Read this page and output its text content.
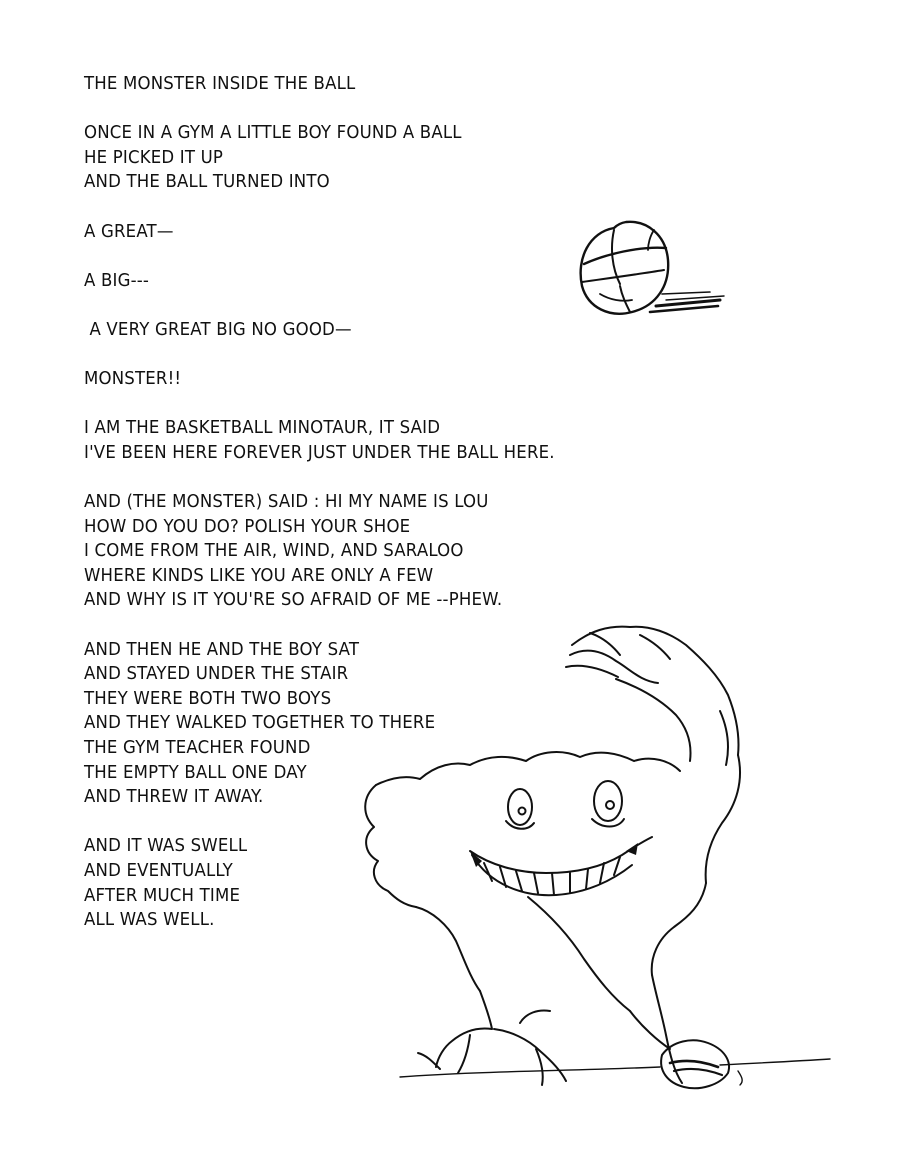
THE MONSTER INSIDE THE BALL
ONCE IN A GYM A LITTLE BOY FOUND A BALL
HE PICKED IT UP
AND THE BALL TURNED INTO
A GREAT—
A BIG---
A VERY GREAT BIG NO GOOD—
MONSTER!!
I AM THE BASKETBALL MINOTAUR, IT SAID
I'VE BEEN HERE FOREVER JUST UNDER THE BALL HERE.
AND (THE MONSTER) SAID : HI MY NAME IS LOU
HOW DO YOU DO? POLISH YOUR SHOE
I COME FROM THE AIR, WIND, AND SARALOO
WHERE KINDS LIKE YOU ARE ONLY A FEW
AND WHY IS IT YOU'RE SO AFRAID OF ME --PHEW.
AND THEN HE AND THE BOY SAT
AND STAYED UNDER THE STAIR
THEY WERE BOTH TWO BOYS
AND THEY WALKED TOGETHER TO THERE
THE GYM TEACHER FOUND
THE EMPTY BALL ONE DAY
AND THREW IT AWAY.
AND IT WAS SWELL
AND EVENTUALLY
AFTER MUCH TIME
ALL WAS WELL.
